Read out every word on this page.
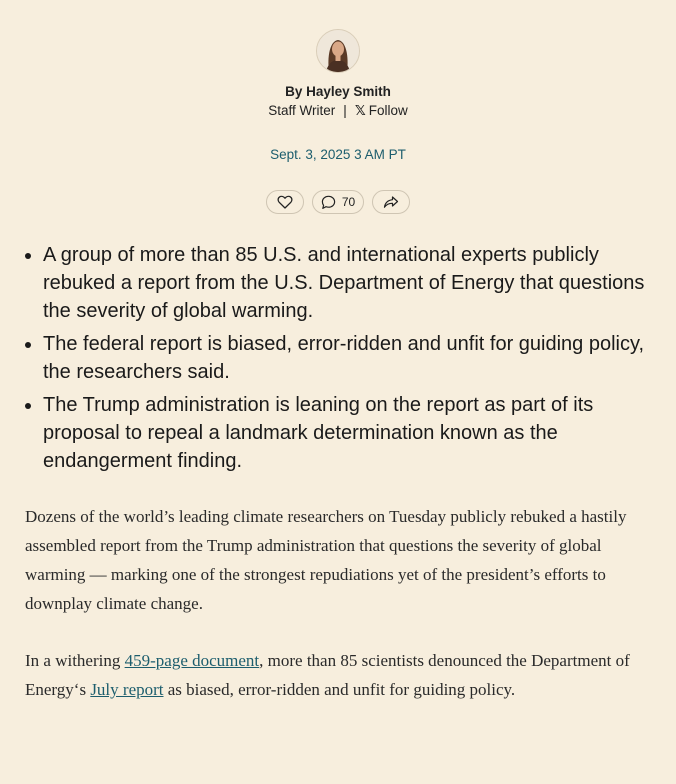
By Hayley Smith
Staff Writer | 𝕏 Follow
Sept. 3, 2025 3 AM PT
70
• A group of more than 85 U.S. and international experts publicly rebuked a report from the U.S. Department of Energy that questions the severity of global warming.
• The federal report is biased, error-ridden and unfit for guiding policy, the researchers said.
• The Trump administration is leaning on the report as part of its proposal to repeal a landmark determination known as the endangerment finding.

Dozens of the world’s leading climate researchers on Tuesday publicly rebuked a hastily assembled report from the Trump administration that questions the severity of global warming — marking one of the strongest repudiations yet of the president’s efforts to downplay climate change.

In a withering 459-page document, more than 85 scientists denounced the Department of Energy‘s July report as biased, error-ridden and unfit for guiding policy.
